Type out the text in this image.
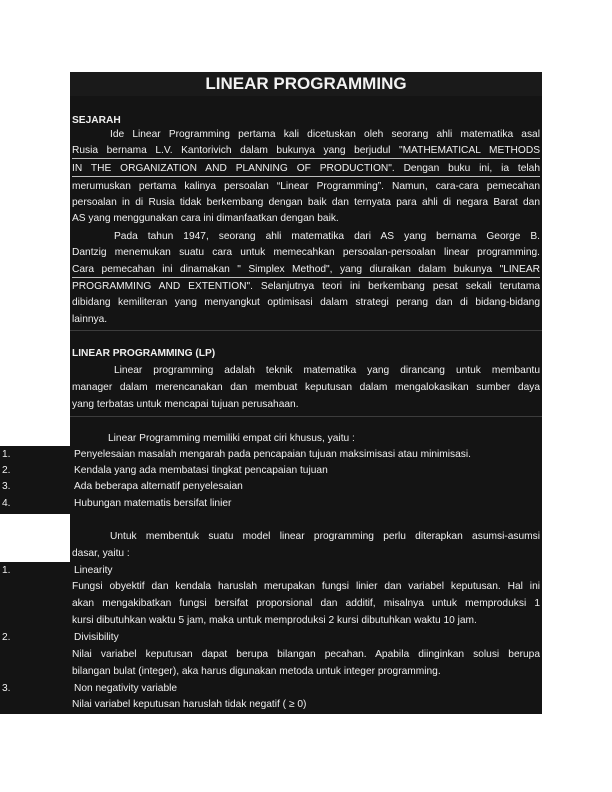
LINEAR PROGRAMMING
SEJARAH
Ide Linear Programming pertama kali dicetuskan oleh seorang ahli matematika asal
Rusia bernama L.V. Kantorivich dalam bukunya yang berjudul "MATHEMATICAL METHODS
IN THE ORGANIZATION AND PLANNING OF PRODUCTION". Dengan buku ini, ia telah
merumuskan pertama kalinya persoalan “Linear Programming”. Namun, cara-cara pemecahan
persoalan in di Rusia tidak berkembang dengan baik dan ternyata para ahli di negara Barat dan
AS yang menggunakan cara ini dimanfaatkan dengan baik.
Pada tahun 1947, seorang ahli matematika dari AS yang bernama George B.
Dantzig menemukan suatu cara untuk memecahkan persoalan-persoalan linear programming.
Cara pemecahan ini dinamakan " Simplex Method", yang diuraikan dalam bukunya "LINEAR
PROGRAMMING AND EXTENTION". Selanjutnya teori ini berkembang pesat sekali terutama
dibidang kemiliteran yang menyangkut optimisasi dalam strategi perang dan di bidang-bidang
lainnya.
LINEAR PROGRAMMING (LP)
Linear programming adalah teknik matematika yang dirancang untuk membantu
manager dalam merencanakan dan membuat keputusan dalam mengalokasikan sumber daya
yang terbatas untuk mencapai tujuan perusahaan.
Linear Programming memiliki empat ciri khusus, yaitu :
1.	Penyelesaian masalah mengarah pada pencapaian tujuan maksimisasi atau minimisasi.
2.	Kendala yang ada membatasi tingkat pencapaian tujuan
3.	Ada beberapa alternatif penyelesaian
4.	Hubungan matematis bersifat linier
Untuk membentuk suatu model linear programming perlu diterapkan asumsi-asumsi
dasar, yaitu :
1.	Linearity
Fungsi obyektif dan kendala haruslah merupakan fungsi linier dan variabel keputusan. Hal ini
akan mengakibatkan fungsi bersifat proporsional dan additif, misalnya untuk memproduksi 1
kursi dibutuhkan waktu 5 jam, maka untuk memproduksi 2 kursi dibutuhkan waktu 10 jam.
2.	Divisibility
Nilai variabel keputusan dapat berupa bilangan pecahan. Apabila diinginkan solusi berupa
bilangan bulat (integer), aka harus digunakan metoda untuk integer programming.
3.	Non negativity variable
Nilai variabel keputusan haruslah tidak negatif ( ≥ 0)
